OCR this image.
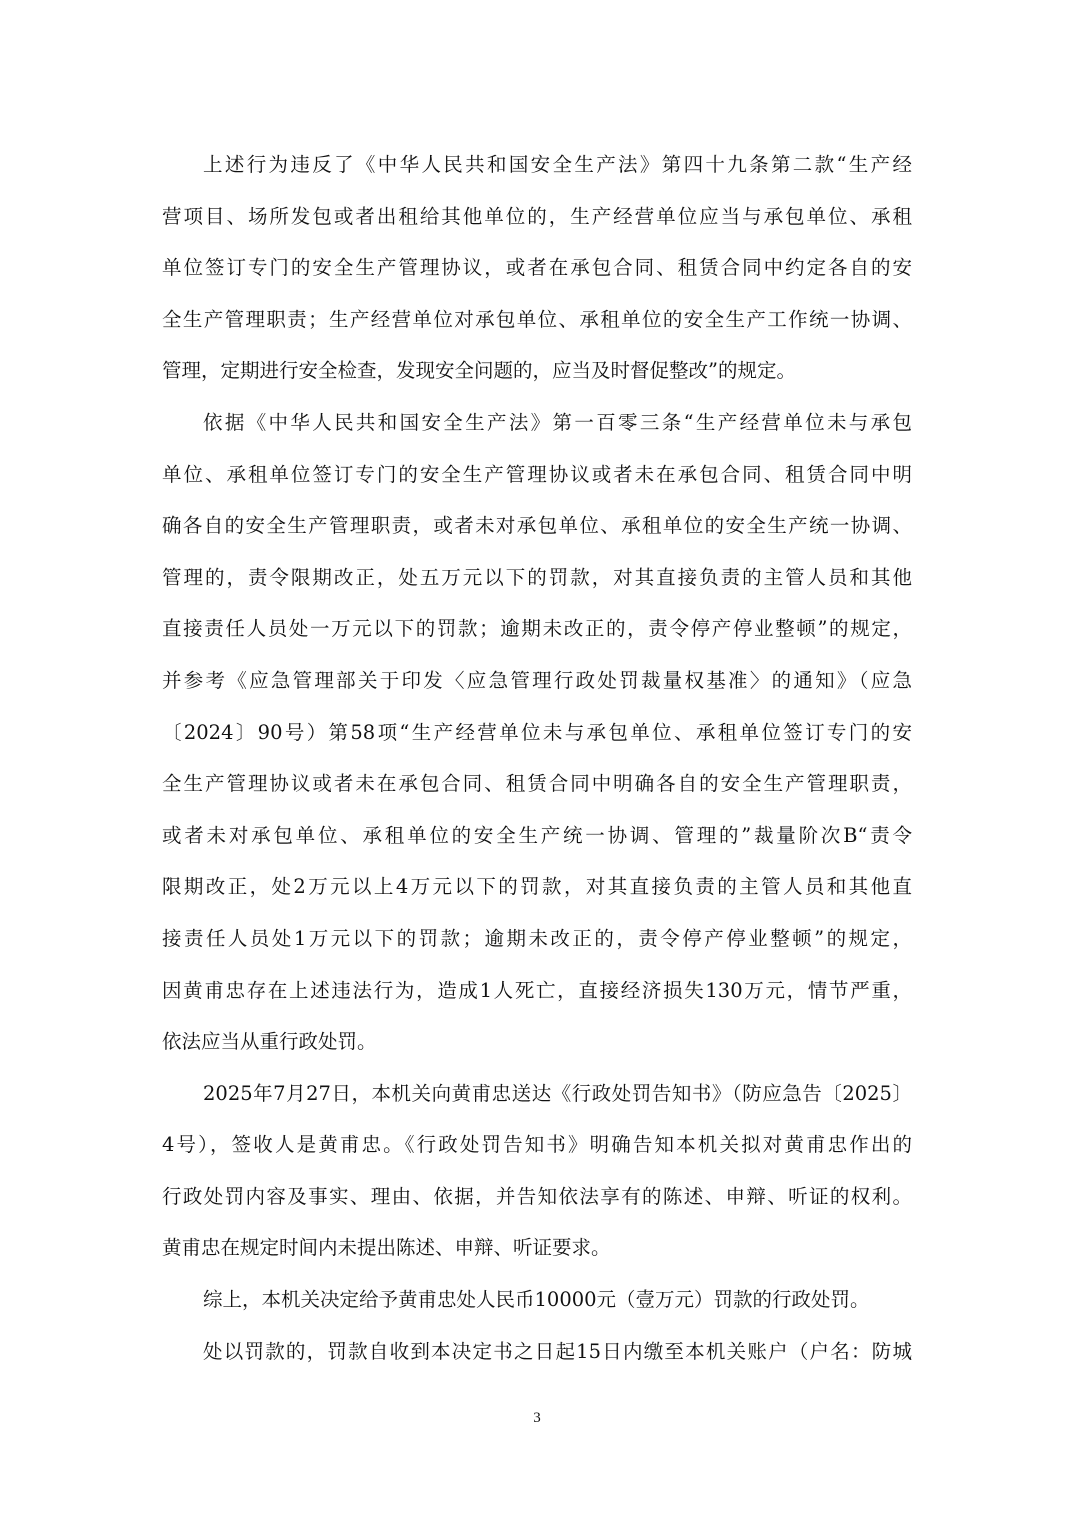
上述行为违反了《中华人民共和国安全生产法》第四十九条第二款“生产经
营项目、场所发包或者出租给其他单位的，生产经营单位应当与承包单位、承租
单位签订专门的安全生产管理协议，或者在承包合同、租赁合同中约定各自的安
全生产管理职责；生产经营单位对承包单位、承租单位的安全生产工作统一协调、
管理，定期进行安全检查，发现安全问题的，应当及时督促整改”的规定。
依据《中华人民共和国安全生产法》第一百零三条“生产经营单位未与承包
单位、承租单位签订专门的安全生产管理协议或者未在承包合同、租赁合同中明
确各自的安全生产管理职责，或者未对承包单位、承租单位的安全生产统一协调、
管理的，责令限期改正，处五万元以下的罚款，对其直接负责的主管人员和其他
直接责任人员处一万元以下的罚款；逾期未改正的，责令停产停业整顿”的规定，
并参考《应急管理部关于印发〈应急管理行政处罚裁量权基准〉的通知》（应急
〔2024〕90号）第58项“生产经营单位未与承包单位、承租单位签订专门的安
全生产管理协议或者未在承包合同、租赁合同中明确各自的安全生产管理职责，
或者未对承包单位、承租单位的安全生产统一协调、管理的”裁量阶次B“责令
限期改正，处2万元以上4万元以下的罚款，对其直接负责的主管人员和其他直
接责任人员处1万元以下的罚款；逾期未改正的，责令停产停业整顿”的规定，
因黄甫忠存在上述违法行为，造成1人死亡，直接经济损失130万元，情节严重，
依法应当从重行政处罚。
2025年7月27日，本机关向黄甫忠送达《行政处罚告知书》（防应急告〔2025〕
4号），签收人是黄甫忠。《行政处罚告知书》明确告知本机关拟对黄甫忠作出的
行政处罚内容及事实、理由、依据，并告知依法享有的陈述、申辩、听证的权利。
黄甫忠在规定时间内未提出陈述、申辩、听证要求。
综上，本机关决定给予黄甫忠处人民币10000元（壹万元）罚款的行政处罚。
处以罚款的，罚款自收到本决定书之日起15日内缴至本机关账户（户名：防城
3
